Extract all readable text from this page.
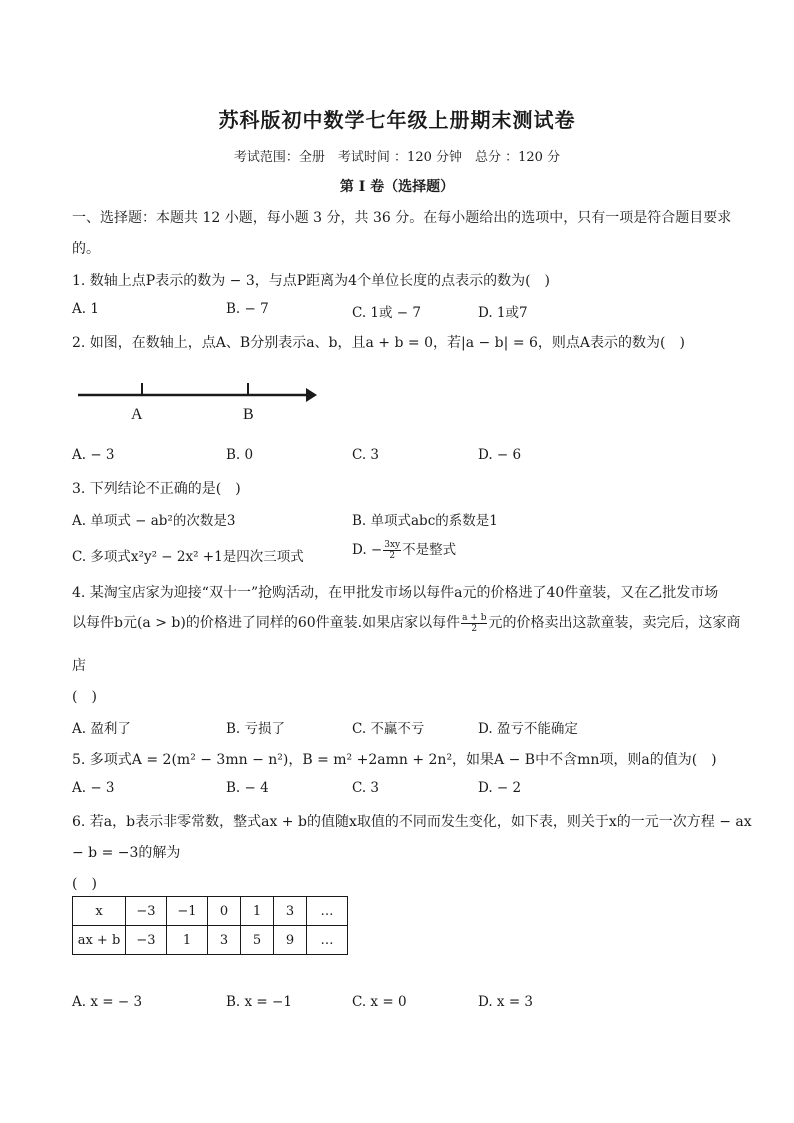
苏科版初中数学七年级上册期末测试卷
考试范围：全册　考试时间 ：120 分钟　总分 ：120 分
第 I 卷（选择题）
一、选择题：本题共 12 小题，每小题 3 分，共 36 分。在每小题给出的选项中，只有一项是符合题目要求
的。
1. 数轴上点P表示的数为 − 3，与点P距离为4个单位长度的点表示的数为(　)
A. 1	B. − 7	C. 1或 − 7	D. 1或7
2. 如图，在数轴上，点A、B分别表示a、b，且a + b = 0，若|a − b| = 6，则点A表示的数为(　)
A	B
A. − 3	B. 0	C. 3	D. − 6
3. 下列结论不正确的是(　)
A. 单项式 − ab²的次数是3	B. 单项式abc的系数是1
C. 多项式x²y² − 2x² +1是四次三项式	D. − $\frac{3xy}{2}$ 不是整式
4. 某淘宝店家为迎接“双十一”抢购活动，在甲批发市场以每件a元的价格进了40件童装，又在乙批发市场
以每件b元(a > b)的价格进了同样的60件童装.如果店家以每件 $\frac{a + b}{2}$ 元的价格卖出这款童装，卖完后，这家商
店
(　)
A. 盈利了	B. 亏损了	C. 不赢不亏	D. 盈亏不能确定
5. 多项式A = 2(m² − 3mn − n²)，B = m² +2amn + 2n²，如果A − B中不含mn项，则a的值为(　)
A. − 3	B. − 4	C. 3	D. − 2
6. 若a，b表示非零常数，整式ax + b的值随x取值的不同而发生变化，如下表，则关于x的一元一次方程 − ax
− b = −3的解为
(　)
x	−3	−1	0	1	3	…
ax + b	−3	1	3	5	9	…
A. x = − 3	B. x = −1	C. x = 0	D. x = 3
